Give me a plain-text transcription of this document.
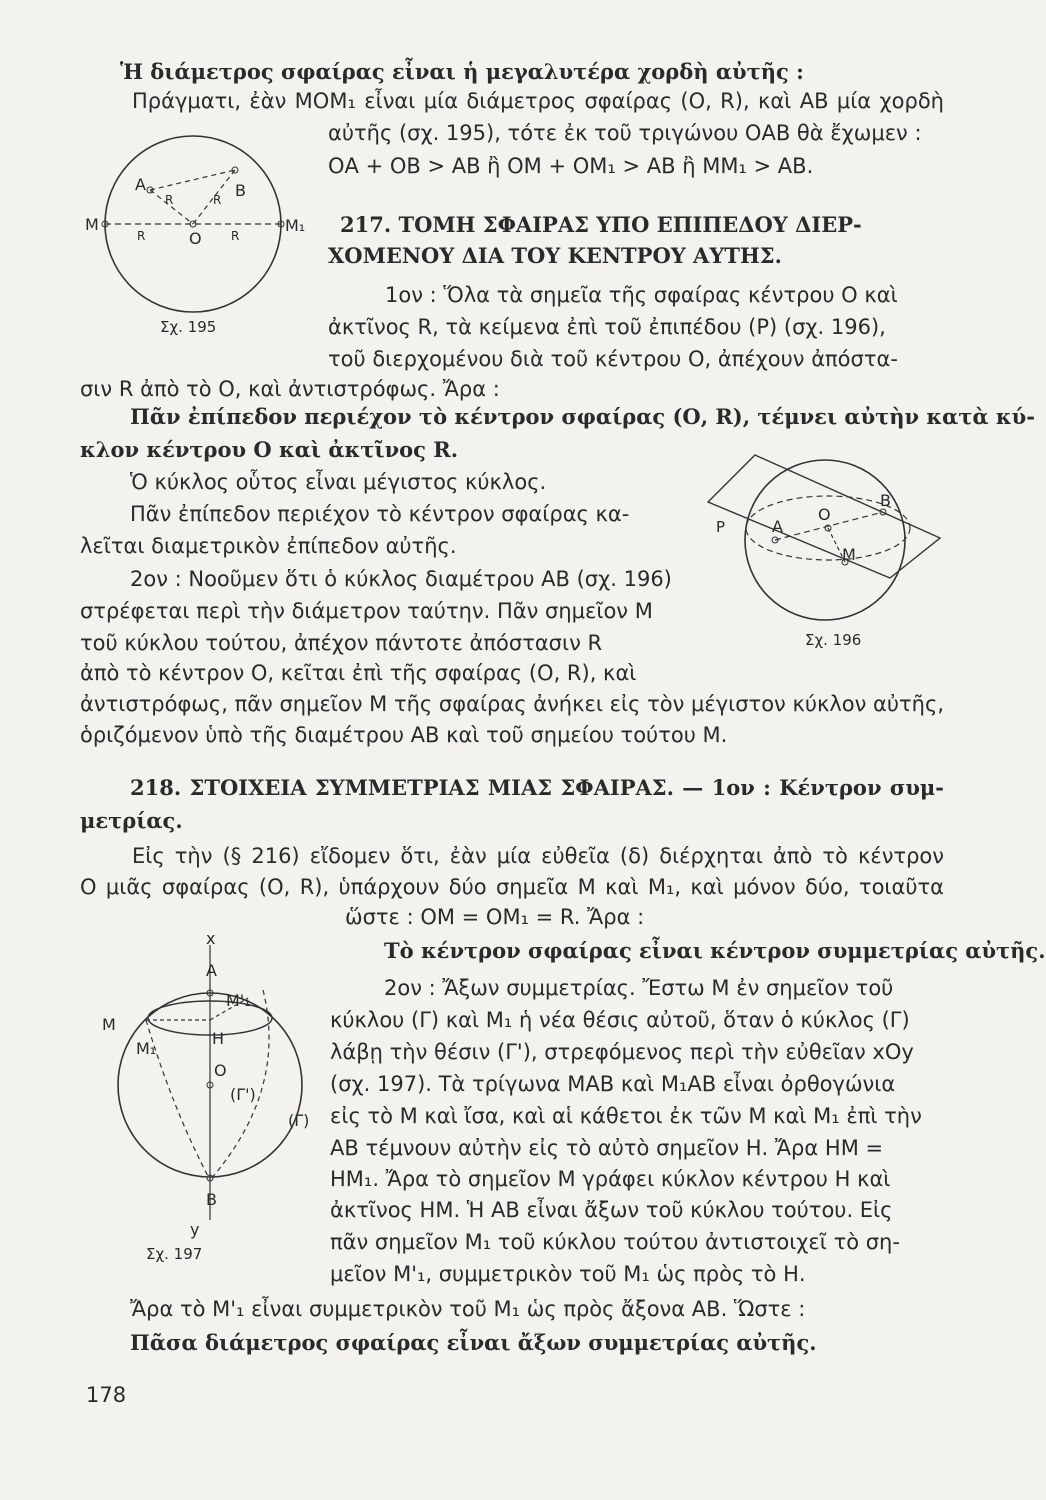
Ἡ διάμετρος σφαίρας εἶναι ἡ μεγαλυτέρα χορδὴ αὐτῆς :
Πράγματι, ἐὰν ΜΟΜ₁ εἶναι μία διάμετρος σφαίρας (Ο, R), καὶ ΑΒ μία χορδὴ
αὐτῆς (σχ. 195), τότε ἐκ τοῦ τριγώνου ΟΑΒ θὰ ἔχωμεν :
ΟΑ + ΟΒ > ΑΒ ἢ ΟΜ + ΟΜ₁ > ΑΒ ἢ ΜΜ₁ > ΑΒ.
217. ΤΟΜΗ ΣΦΑΙΡΑΣ ΥΠΟ ΕΠΙΠΕΔΟΥ ΔΙΕΡ-
ΧΟΜΕΝΟΥ ΔΙΑ ΤΟΥ ΚΕΝΤΡΟΥ ΑΥΤΗΣ.
1ον : Ὅλα τὰ σημεῖα τῆς σφαίρας κέντρου Ο καὶ
ἀκτῖνος R, τὰ κείμενα ἐπὶ τοῦ ἐπιπέδου (P) (σχ. 196),
τοῦ διερχομένου διὰ τοῦ κέντρου Ο, ἀπέχουν ἀπόστα-
σιν R ἀπὸ τὸ Ο, καὶ ἀντιστρόφως. Ἄρα :
Πᾶν ἐπίπεδον περιέχον τὸ κέντρον σφαίρας (Ο, R), τέμνει αὐτὴν κατὰ κύ-
κλον κέντρου Ο καὶ ἀκτῖνος R.
Ὁ κύκλος οὗτος εἶναι μέγιστος κύκλος.
Πᾶν ἐπίπεδον περιέχον τὸ κέντρον σφαίρας κα-
λεῖται διαμετρικὸν ἐπίπεδον αὐτῆς.
2ον : Νοοῦμεν ὅτι ὁ κύκλος διαμέτρου ΑΒ (σχ. 196)
στρέφεται περὶ τὴν διάμετρον ταύτην. Πᾶν σημεῖον Μ
τοῦ κύκλου τούτου, ἀπέχον πάντοτε ἀπόστασιν R
ἀπὸ τὸ κέντρον Ο, κεῖται ἐπὶ τῆς σφαίρας (Ο, R), καὶ
ἀντιστρόφως, πᾶν σημεῖον Μ τῆς σφαίρας ἀνήκει εἰς τὸν μέγιστον κύκλον αὐτῆς,
ὁριζόμενον ὑπὸ τῆς διαμέτρου ΑΒ καὶ τοῦ σημείου τούτου Μ.
218. ΣΤΟΙΧΕΙΑ ΣΥΜΜΕΤΡΙΑΣ ΜΙΑΣ ΣΦΑΙΡΑΣ. — 1ον : Κέντρον συμ-
μετρίας.
Εἰς τὴν (§ 216) εἴδομεν ὅτι, ἐὰν μία εὐθεῖα (δ) διέρχηται ἀπὸ τὸ κέντρον
Ο μιᾶς σφαίρας (Ο, R), ὑπάρχουν δύο σημεῖα Μ καὶ Μ₁, καὶ μόνον δύο, τοιαῦτα
ὥστε : ΟΜ = ΟΜ₁ = R. Ἄρα :
Τὸ κέντρον σφαίρας εἶναι κέντρον συμμετρίας αὐτῆς.
2ον : Ἄξων συμμετρίας. Ἔστω Μ ἐν σημεῖον τοῦ
κύκλου (Γ) καὶ Μ₁ ἡ νέα θέσις αὐτοῦ, ὅταν ὁ κύκλος (Γ)
λάβῃ τὴν θέσιν (Γ'), στρεφόμενος περὶ τὴν εὐθεῖαν xOy
(σχ. 197). Τὰ τρίγωνα ΜΑΒ καὶ Μ₁ΑΒ εἶναι ὀρθογώνια
εἰς τὸ Μ καὶ ἴσα, καὶ αἱ κάθετοι ἐκ τῶν Μ καὶ Μ₁ ἐπὶ τὴν
ΑΒ τέμνουν αὐτὴν εἰς τὸ αὐτὸ σημεῖον Η. Ἄρα ΗΜ =
ΗΜ₁. Ἄρα τὸ σημεῖον Μ γράφει κύκλον κέντρου Η καὶ
ἀκτῖνος ΗΜ. Ἡ ΑΒ εἶναι ἄξων τοῦ κύκλου τούτου. Εἰς
πᾶν σημεῖον Μ₁ τοῦ κύκλου τούτου ἀντιστοιχεῖ τὸ ση-
μεῖον Μ'₁, συμμετρικὸν τοῦ Μ₁ ὡς πρὸς τὸ Η.
Ἄρα τὸ Μ'₁ εἶναι συμμετρικὸν τοῦ Μ₁ ὡς πρὸς ἄξονα ΑΒ. Ὥστε :
Πᾶσα διάμετρος σφαίρας εἶναι ἄξων συμμετρίας αὐτῆς.
A	B
M	M₁
O
R	R
R	R
Σχ. 195
P	A
O
B
M
Σχ. 196
x
A
M
M'₁
M₁
H
O
(Γ')
(Γ)
B
y
Σχ. 197
178
